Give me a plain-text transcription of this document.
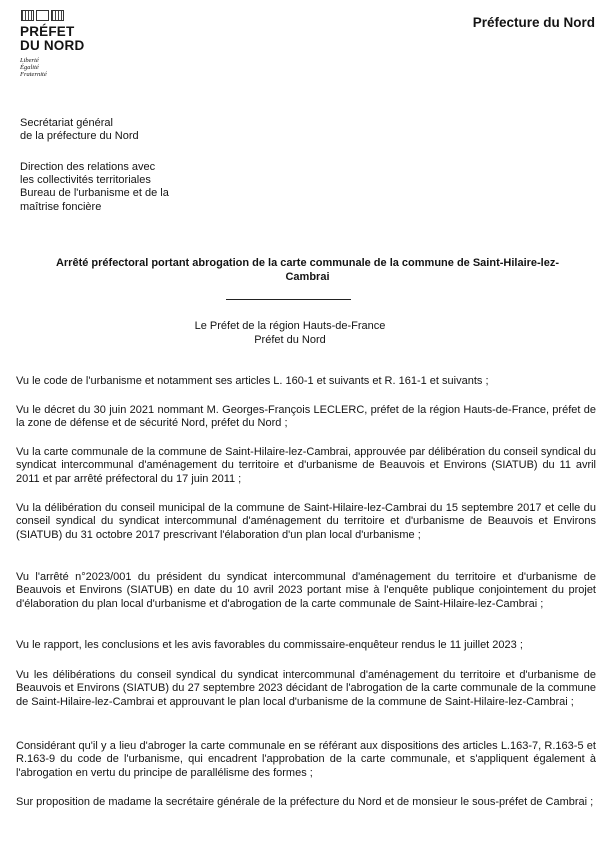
PRÉFET
DU NORD
Liberté
Égalité
Fraternité
Préfecture du Nord
Secrétariat général
de la préfecture du Nord
Direction des relations avec
les collectivités territoriales
Bureau de l'urbanisme et de la
maîtrise foncière
Arrêté préfectoral portant abrogation de la carte communale de la commune de Saint-Hilaire-lez-
Cambrai
Le Préfet de la région Hauts-de-France
Préfet du Nord

Vu le code de l'urbanisme et notamment ses articles L. 160-1 et suivants et R. 161-1 et suivants ;

Vu le décret du 30 juin 2021 nommant M. Georges-François LECLERC, préfet de la région Hauts-de-France, préfet de la zone de défense et de sécurité Nord, préfet du Nord ;

Vu la carte communale de la commune de Saint-Hilaire-lez-Cambrai, approuvée par délibération du conseil syndical du syndicat intercommunal d'aménagement du territoire et d'urbanisme de Beauvois et Environs (SIATUB) du 11 avril 2011 et par arrêté préfectoral du 17 juin 2011 ;

Vu la délibération du conseil municipal de la commune de Saint-Hilaire-lez-Cambrai du 15 septembre 2017 et celle du conseil syndical du syndicat intercommunal d'aménagement du territoire et d'urbanisme de Beauvois et Environs (SIATUB) du 31 octobre 2017 prescrivant l'élaboration d'un plan local d'urbanisme ;

Vu l'arrêté n°2023/001 du président du syndicat intercommunal d'aménagement du territoire et d'urbanisme de Beauvois et Environs (SIATUB) en date du 10 avril 2023 portant mise à l'enquête publique conjointement du projet d'élaboration du plan local d'urbanisme et d'abrogation de la carte communale de Saint-Hilaire-lez-Cambrai ;

Vu le rapport, les conclusions et les avis favorables du commissaire-enquêteur rendus le 11 juillet 2023 ;

Vu les délibérations du conseil syndical du syndicat intercommunal d'aménagement du territoire et d'urbanisme de Beauvois et Environs (SIATUB) du 27 septembre 2023 décidant de l'abrogation de la carte communale de la commune de Saint-Hilaire-lez-Cambrai et approuvant le plan local d'urbanisme de la commune de Saint-Hilaire-lez-Cambrai ;

Considérant qu'il y a lieu d'abroger la carte communale en se référant aux dispositions des articles L.163-7, R.163-5 et R.163-9 du code de l'urbanisme, qui encadrent l'approbation de la carte communale, et s'appliquent également à l'abrogation en vertu du principe de parallélisme des formes ;

Sur proposition de madame la secrétaire générale de la préfecture du Nord et de monsieur le sous-préfet de Cambrai ;
